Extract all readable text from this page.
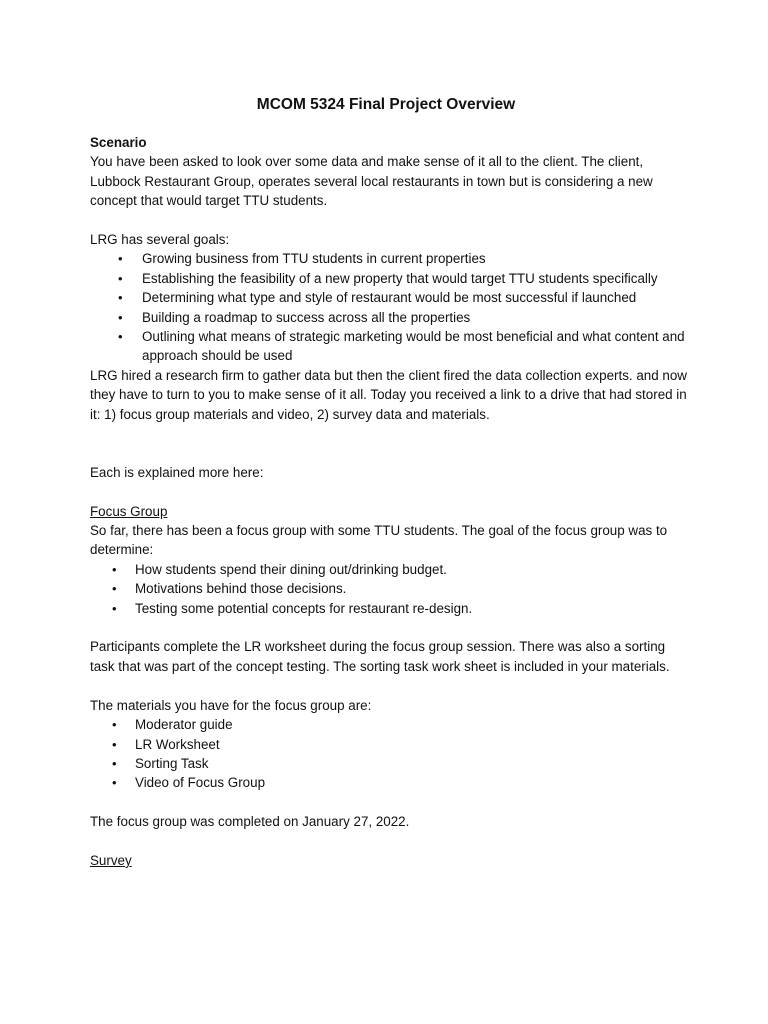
MCOM 5324 Final Project Overview

Scenario

You have been asked to look over some data and make sense of it all to the client. The client, Lubbock Restaurant Group, operates several local restaurants in town but is considering a new concept that would target TTU students.

LRG has several goals:

• Growing business from TTU students in current properties
• Establishing the feasibility of a new property that would target TTU students specifically
• Determining what type and style of restaurant would be most successful if launched
• Building a roadmap to success across all the properties
• Outlining what means of strategic marketing would be most beneficial and what content and approach should be used

LRG hired a research firm to gather data but then the client fired the data collection experts. and now they have to turn to you to make sense of it all. Today you received a link to a drive that had stored in it: 1) focus group materials and video, 2) survey data and materials.

Each is explained more here:

Focus Group

So far, there has been a focus group with some TTU students. The goal of the focus group was to determine:

• How students spend their dining out/drinking budget.
• Motivations behind those decisions.
• Testing some potential concepts for restaurant re-design.

Participants complete the LR worksheet during the focus group session. There was also a sorting task that was part of the concept testing. The sorting task work sheet is included in your materials.

The materials you have for the focus group are:

• Moderator guide
• LR Worksheet
• Sorting Task
• Video of Focus Group

The focus group was completed on January 27, 2022.

Survey
